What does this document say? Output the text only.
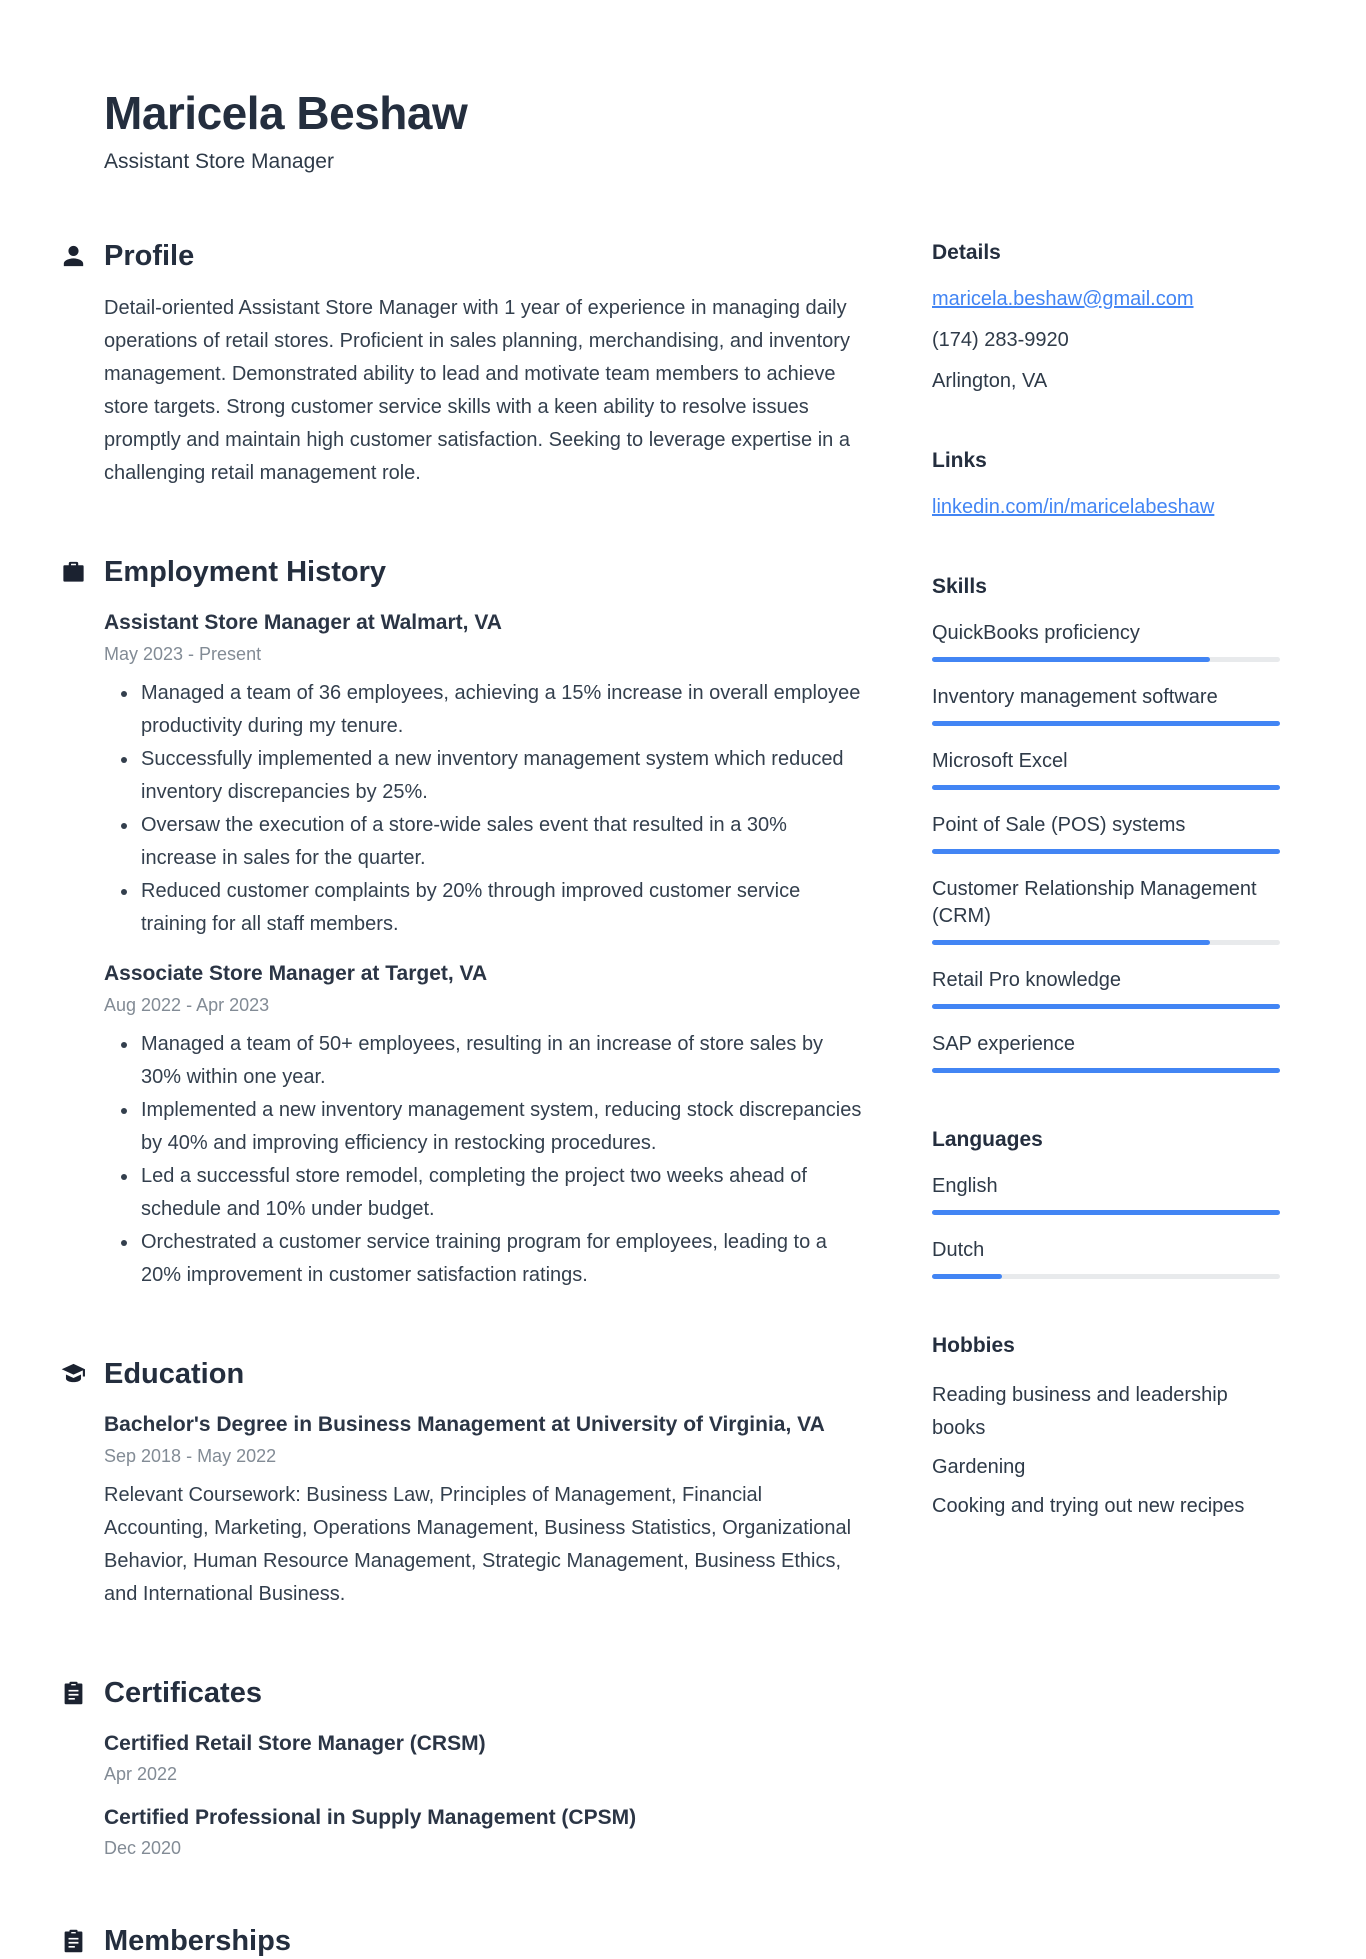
Maricela Beshaw
Assistant Store Manager
Profile

Detail-oriented Assistant Store Manager with 1 year of experience in managing daily operations of retail stores. Proficient in sales planning, merchandising, and inventory management. Demonstrated ability to lead and motivate team members to achieve store targets. Strong customer service skills with a keen ability to resolve issues promptly and maintain high customer satisfaction. Seeking to leverage expertise in a challenging retail management role.

Employment History
Assistant Store Manager at Walmart, VA
May 2023 - Present
• Managed a team of 36 employees, achieving a 15% increase in overall employee productivity during my tenure.
• Successfully implemented a new inventory management system which reduced inventory discrepancies by 25%.
• Oversaw the execution of a store-wide sales event that resulted in a 30% increase in sales for the quarter.
• Reduced customer complaints by 20% through improved customer service training for all staff members.
Associate Store Manager at Target, VA
Aug 2022 - Apr 2023
• Managed a team of 50+ employees, resulting in an increase of store sales by 30% within one year.
• Implemented a new inventory management system, reducing stock discrepancies by 40% and improving efficiency in restocking procedures.
• Led a successful store remodel, completing the project two weeks ahead of schedule and 10% under budget.
• Orchestrated a customer service training program for employees, leading to a 20% improvement in customer satisfaction ratings.
Education
Bachelor's Degree in Business Management at University of Virginia, VA
Sep 2018 - May 2022

Relevant Coursework: Business Law, Principles of Management, Financial Accounting, Marketing, Operations Management, Business Statistics, Organizational Behavior, Human Resource Management, Strategic Management, Business Ethics, and International Business.

Certificates
Certified Retail Store Manager (CRSM)
Apr 2022
Certified Professional in Supply Management (CPSM)
Dec 2020
Memberships
Details
maricela.beshaw@gmail.com
(174) 283-9920
Arlington, VA
Links
linkedin.com/in/maricelabeshaw
Skills
QuickBooks proficiency
Inventory management software
Microsoft Excel
Point of Sale (POS) systems
Customer Relationship Management (CRM)
Retail Pro knowledge
SAP experience
Languages
English
Dutch
Hobbies
Reading business and leadership books
Gardening
Cooking and trying out new recipes
